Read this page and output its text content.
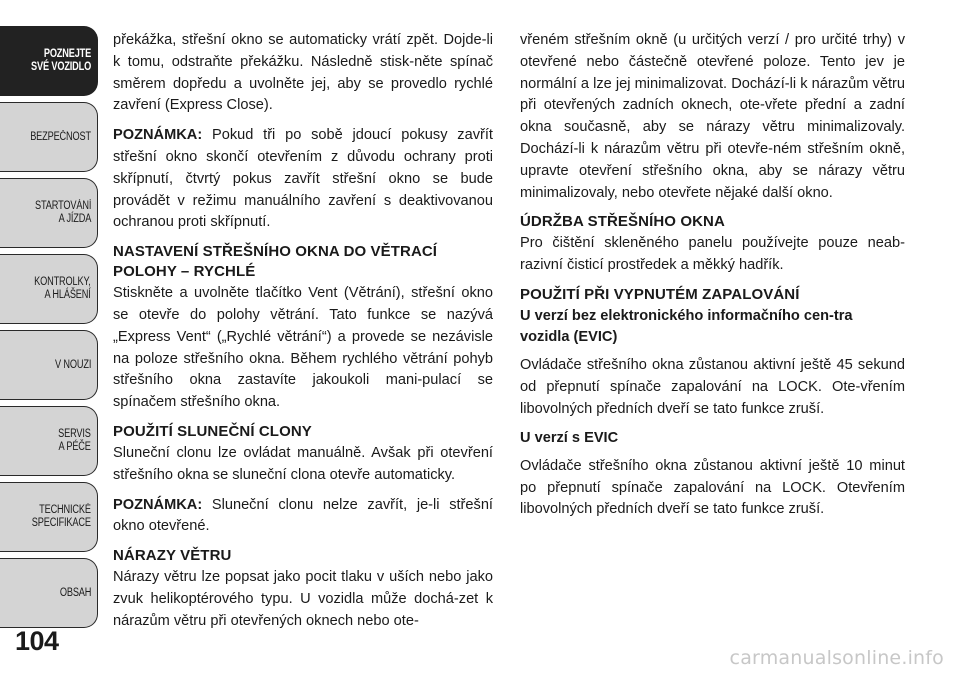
POZNEJTE
SVÉ VOZIDLO
BEZPEČNOST
STARTOVÁNÍ
A JÍZDA
KONTROLKY,
A HLÁŠENÍ
V NOUZI
SERVIS
A PÉČE
TECHNICKÉ
SPECIFIKACE
OBSAH
104

překážka, střešní okno se automaticky vrátí zpět. Dojde-li k tomu, odstraňte překážku. Následně stisk-něte spínač směrem dopředu a uvolněte jej, aby se provedlo rychlé zavření (Express Close).

POZNÁMKA: Pokud tři po sobě jdoucí pokusy zavřít střešní okno skončí otevřením z důvodu ochrany proti skřípnutí, čtvrtý pokus zavřít střešní okno se bude provádět v režimu manuálního zavření s deaktivovanou ochranou proti skřípnutí.

NASTAVENÍ STŘEŠNÍHO OKNA DO VĚTRACÍ POLOHY – RYCHLÉ

Stiskněte a uvolněte tlačítko Vent (Větrání), střešní okno se otevře do polohy větrání. Tato funkce se nazývá „Express Vent“ („Rychlé větrání“) a provede se nezávisle na poloze střešního okna. Během rychlého větrání pohyb střešního okna zastavíte jakoukoli mani-pulací se spínačem střešního okna.

POUŽITÍ SLUNEČNÍ CLONY

Sluneční clonu lze ovládat manuálně. Avšak při otevření střešního okna se sluneční clona otevře automaticky.

POZNÁMKA: Sluneční clonu nelze zavřít, je-li střešní okno otevřené.

NÁRAZY VĚTRU

Nárazy větru lze popsat jako pocit tlaku v uších nebo jako zvuk helikoptérového typu. U vozidla může dochá-zet k nárazům větru při otevřených oknech nebo ote-

vřeném střešním okně (u určitých verzí / pro určité trhy) v otevřené nebo částečně otevřené poloze. Tento jev je normální a lze jej minimalizovat. Dochází-li k nárazům větru při otevřených zadních oknech, ote-vřete přední a zadní okna současně, aby se nárazy větru minimalizovaly. Dochází-li k nárazům větru při otevře-ném střešním okně, upravte otevření střešního okna, aby se nárazy větru minimalizovaly, nebo otevřete nějaké další okno.

ÚDRŽBA STŘEŠNÍHO OKNA

Pro čištění skleněného panelu používejte pouze neab-razivní čisticí prostředek a měkký hadřík.

POUŽITÍ PŘI VYPNUTÉM ZAPALOVÁNÍ
U verzí bez elektronického informačního cen-tra vozidla (EVIC)

Ovládače střešního okna zůstanou aktivní ještě 45 sekund od přepnutí spínače zapalování na LOCK. Ote-vřením libovolných předních dveří se tato funkce zruší.

U verzí s EVIC

Ovládače střešního okna zůstanou aktivní ještě 10 minut po přepnutí spínače zapalování na LOCK. Otevřením libovolných předních dveří se tato funkce zruší.

carmanualsonline.info
